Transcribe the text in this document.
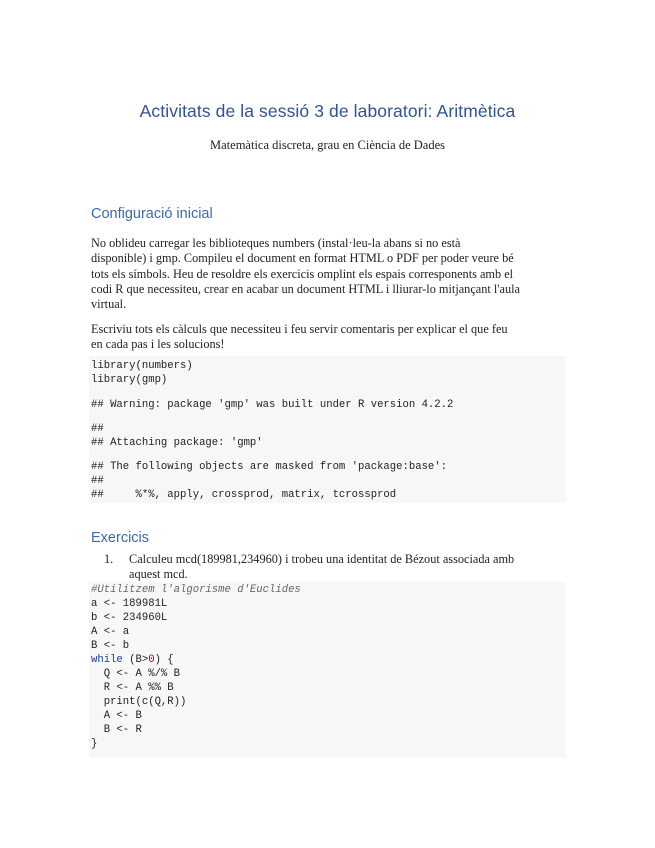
Activitats de la sessió 3 de laboratori: Aritmètica
Matemàtica discreta, grau en Ciència de Dades
Configuració inicial
No oblideu carregar les biblioteques numbers (instal·leu-la abans si no està
disponible) i gmp. Compileu el document en format HTML o PDF per poder veure bé
tots els símbols. Heu de resoldre els exercicis omplint els espais corresponents amb el
codi R que necessiteu, crear en acabar un document HTML i lliurar-lo mitjançant l'aula
virtual.
Escriviu tots els càlculs que necessiteu i feu servir comentaris per explicar el que feu
en cada pas i les solucions!
library(numbers)
library(gmp)
## Warning: package 'gmp' was built under R version 4.2.2
##
## Attaching package: 'gmp'
## The following objects are masked from 'package:base':
##
##     %*%, apply, crossprod, matrix, tcrossprod
Exercicis
1. Calculeu mcd(189981,234960) i trobeu una identitat de Bézout associada amb
aquest mcd.
#Utilitzem l'algorisme d'Euclides
a <- 189981L
b <- 234960L
A <- a
B <- b
while (B>0) {
Q <- A %/% B
R <- A %% B
print(c(Q,R))
A <- B
B <- R
}
